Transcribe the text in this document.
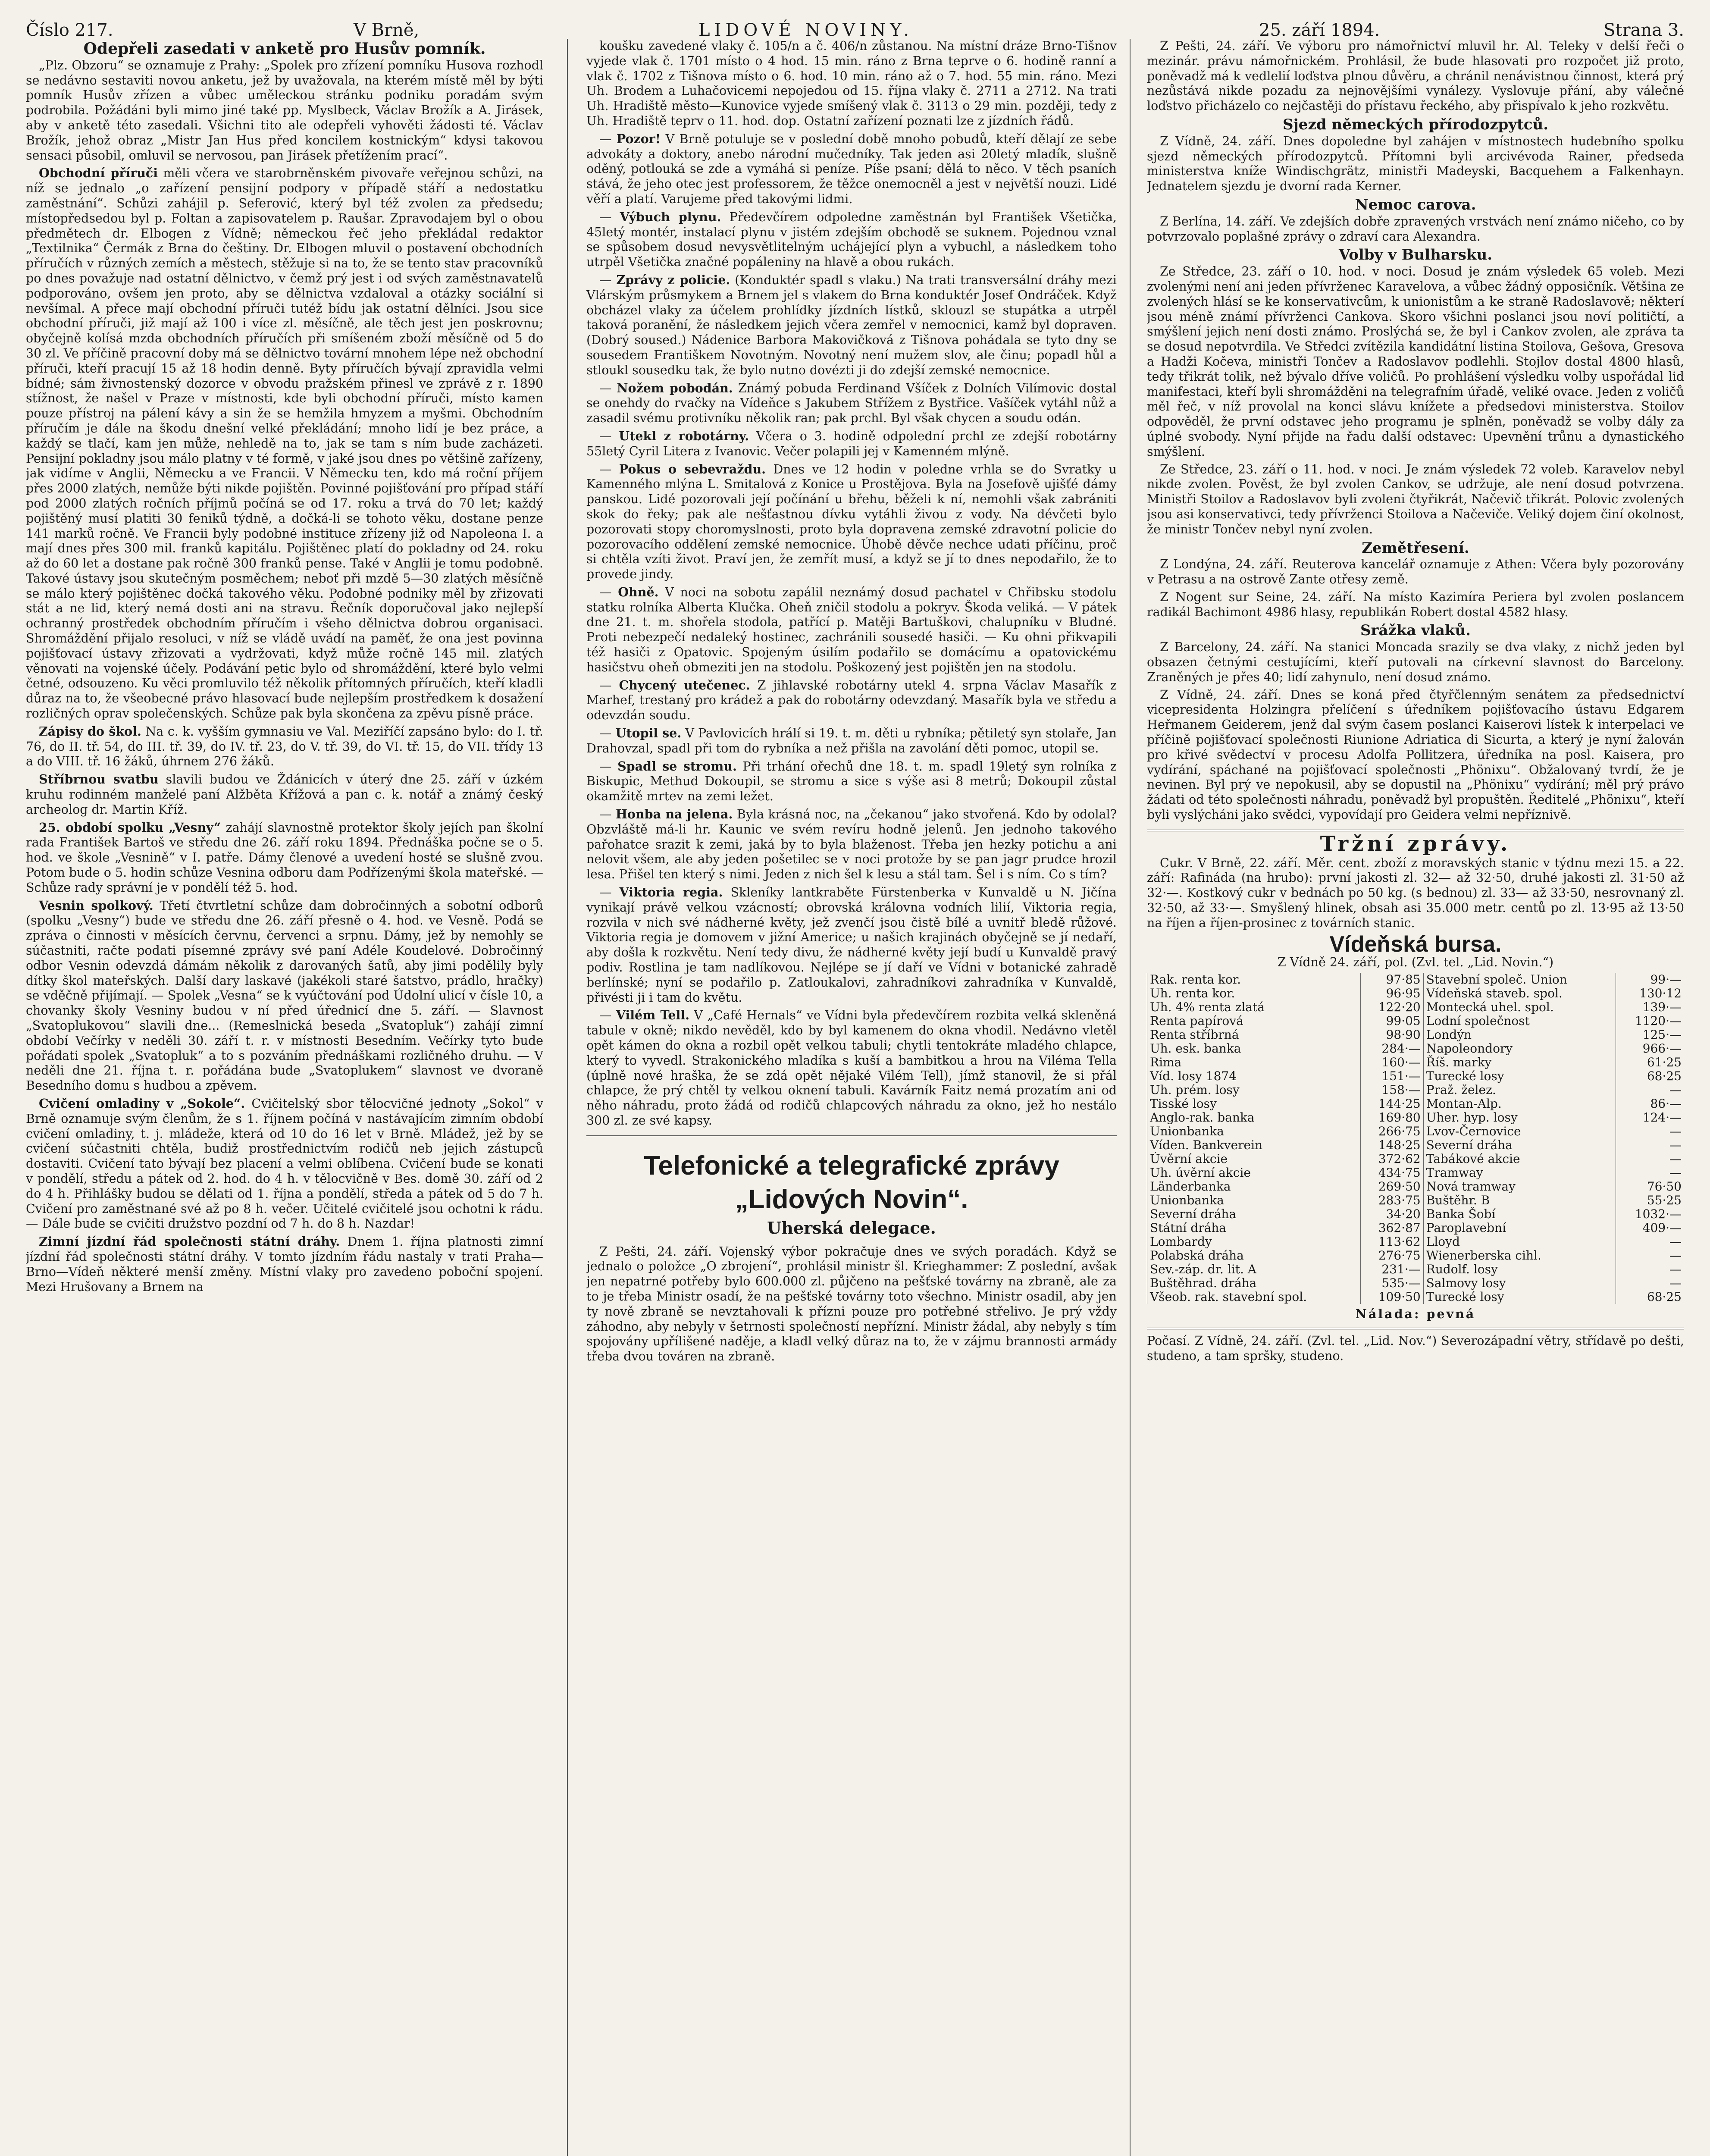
Číslo 217.	V Brně,	LIDOVÉ NOVINY.	25. září 1894.	Strana 3.
Odepřeli zasedati v anketě pro Husův pomník.

„Plz. Obzoru“ se oznamuje z Prahy: „Spolek pro zřízení pomníku Husova rozhodl se nedávno sestaviti novou anketu, jež by uvažovala, na kterém místě měl by býti pomník Husův zřízen a vůbec uměleckou stránku podniku poradám svým podrobila. Požádáni byli mimo jiné také pp. Myslbeck, Václav Brožík a A. Jirásek, aby v anketě této zasedali. Všichni tito ale odepřeli vyhověti žádosti té. Václav Brožík, jehož obraz „Mistr Jan Hus před koncilem kostnickým“ kdysi takovou sensaci působil, omluvil se nervosou, pan Jirásek přetížením prací“.

Obchodní příruči měli včera ve starobrněnském pivovaře veřejnou schůzi, na níž se jednalo „o zařízení pensijní podpory v případě stáří a nedostatku zaměstnání“. Schůzi zahájil p. Seferović, který byl též zvolen za předsedu; místopředsedou byl p. Foltan a zapisovatelem p. Raušar. Zpravodajem byl o obou předmětech dr. Elbogen z Vídně; německou řeč jeho překládal redaktor „Textilnika“ Čermák z Brna do češtiny. Dr. Elbogen mluvil o postavení obchodních příručích v různých zemích a městech, stěžuje si na to, že se tento stav pracovníků po dnes považuje nad ostatní dělnictvo, v čemž prý jest i od svých zaměstnavatelů podporováno, ovšem jen proto, aby se dělnictva vzdaloval a otázky sociální si nevšímal. A přece mají obchodní příruči tutéž bídu jak ostatní dělníci. Jsou sice obchodní příruči, již mají až 100 i více zl. měsíčně, ale těch jest jen poskrovnu; obyčejně kolísá mzda obchodních příručích při smíšeném zboží měsíčně od 5 do 30 zl. Ve příčině pracovní doby má se dělnictvo tovární mnohem lépe než obchodní příruči, kteří pracují 15 až 18 hodin denně. Byty příručích bývají zpravidla velmi bídné; sám živnostenský dozorce v obvodu pražském přinesl ve zprávě z r. 1890 stížnost, že našel v Praze v místnosti, kde byli obchodní příruči, místo kamen pouze přístroj na pálení kávy a sin že se hemžila hmyzem a myšmi. Obchodním příručím je dále na škodu dnešní velké překládání; mnoho lidí je bez práce, a každý se tlačí, kam jen může, nehledě na to, jak se tam s ním bude zacházeti. Pensijní pokladny jsou málo platny v té formě, v jaké jsou dnes po většině zařízeny, jak vidíme v Anglii, Německu a ve Francii. V Německu ten, kdo má roční příjem přes 2000 zlatých, nemůže býti nikde pojištěn. Povinné pojišťování pro případ stáří pod 2000 zlatých ročních příjmů počíná se od 17. roku a trvá do 70 let; každý pojištěný musí platiti 30 feniků týdně, a dočká-li se tohoto věku, dostane penze 141 marků ročně. Ve Francii byly podobné instituce zřízeny již od Napoleona I. a mají dnes přes 300 mil. franků kapitálu. Pojištěnec platí do pokladny od 24. roku až do 60 let a dostane pak ročně 300 franků pense. Také v Anglii je tomu podobně. Takové ústavy jsou skutečným posměchem; neboť při mzdě 5—30 zlatých měsíčně se málo který pojištěnec dočká takového věku. Podobné podniky měl by zřizovati stát a ne lid, který nemá dosti ani na stravu. Řečník doporučoval jako nejlepší ochranný prostředek obchodním příručím i všeho dělnictva dobrou organisaci. Shromáždění přijalo resoluci, v níž se vládě uvádí na paměť, že ona jest povinna pojišťovací ústavy zřizovati a vydržovati, když může ročně 145 mil. zlatých věnovati na vojenské účely. Podávání petic bylo od shromáždění, které bylo velmi četné, odsouzeno. Ku věci promluvilo též několik přítomných příručích, kteří kladli důraz na to, že všeobecné právo hlasovací bude nejlepším prostředkem k dosažení rozličných oprav společenských. Schůze pak byla skončena za zpěvu písně práce.

Zápisy do škol. Na c. k. vyšším gymnasiu ve Val. Meziříčí zapsáno bylo: do I. tř. 76, do II. tř. 54, do III. tř. 39, do IV. tř. 23, do V. tř. 39, do VI. tř. 15, do VII. třídy 13 a do VIII. tř. 16 žáků, úhrnem 276 žáků.

Stříbrnou svatbu slavili budou ve Ždánicích v úterý dne 25. září v úzkém kruhu rodinném manželé paní Alžběta Křížová a pan c. k. notář a známý český archeolog dr. Martin Kříž.

25. období spolku „Vesny“ zahájí slavnostně protektor školy jejích pan školní rada František Bartoš ve středu dne 26. září roku 1894. Přednáška počne se o 5. hod. ve škole „Vesnině“ v I. patře. Dámy členové a uvedení hosté se slušně zvou. Potom bude o 5. hodin schůze Vesnina odboru dam Podřízenými škola mateřské. — Schůze rady správní je v pondělí též 5. hod.

Vesnin spolkový. Třetí čtvrtletní schůze dam dobročinných a sobotní odborů (spolku „Vesny“) bude ve středu dne 26. září přesně o 4. hod. ve Vesně. Podá se zpráva o činnosti v měsících červnu, červenci a srpnu. Dámy, jež by nemohly se súčastniti, račte podati písemné zprávy své paní Adéle Koudelové. Dobročinný odbor Vesnin odevzdá dámám několik z darovaných šatů, aby jimi podělily byly dítky škol mateřských. Další dary laskavé (jakékoli staré šatstvo, prádlo, hračky) se vděčně přijímají. — Spolek „Vesna“ se k vyúčtování pod Údolní ulicí v čísle 10, a chovanky školy Vesniny budou v ní před úřednicí dne 5. září. — Slavnost „Svatoplukovou“ slavili dne... (Remeslnická beseda „Svatopluk“) zahájí zimní období Večírky v neděli 30. září t. r. v místnosti Besedním. Večírky tyto bude pořádati spolek „Svatopluk“ a to s pozváním přednáškami rozličného druhu. — V neděli dne 21. října t. r. pořádána bude „Svatoplukem“ slavnost ve dvoraně Besedního domu s hudbou a zpěvem.

Cvičení omladiny v „Sokole“. Cvičitelský sbor tělocvičné jednoty „Sokol“ v Brně oznamuje svým členům, že s 1. říjnem počíná v nastávajícím zimním období cvičení omladiny, t. j. mládeže, která od 10 do 16 let v Brně. Mládež, jež by se cvičení súčastniti chtěla, budiž prostřednictvím rodičů neb jejich zástupců dostaviti. Cvičení tato bývají bez placení a velmi oblíbena. Cvičení bude se konati v pondělí, středu a pátek od 2. hod. do 4 h. v tělocvičně v Bes. domě 30. září od 2 do 4 h. Přihlášky budou se dělati od 1. října a pondělí, středa a pátek od 5 do 7 h. Cvičení pro zaměstnané své až po 8 h. večer. Učitelé cvičitelé jsou ochotni k rádu. — Dále bude se cvičiti družstvo pozdní od 7 h. do 8 h. Nazdar!

Zimní jízdní řád společnosti státní dráhy. Dnem 1. října platnosti zimní jízdní řád společnosti státní dráhy. V tomto jízdním řádu nastaly v trati Praha—Brno—Vídeň některé menší změny. Místní vlaky pro zavedeno poboční spojení. Mezi Hrušovany a Brnem na

koušku zavedené vlaky č. 105/n a č. 406/n zůstanou. Na místní dráze Brno-Tišnov vyjede vlak č. 1701 místo o 4 hod. 15 min. ráno z Brna teprve o 6. hodině ranní a vlak č. 1702 z Tišnova místo o 6. hod. 10 min. ráno až o 7. hod. 55 min. ráno. Mezi Uh. Brodem a Luhačovicemi nepojedou od 15. října vlaky č. 2711 a 2712. Na trati Uh. Hradiště město—Kunovice vyjede smíšený vlak č. 3113 o 29 min. později, tedy z Uh. Hradiště teprv o 11. hod. dop. Ostatní zařízení poznati lze z jízdních řádů.

— Pozor! V Brně potuluje se v poslední době mnoho pobudů, kteří dělají ze sebe advokáty a doktory, anebo národní mučedníky. Tak jeden asi 20letý mladík, slušně oděný, potlouká se zde a vymáhá si peníze. Píše psaní; dělá to něco. V těch psaních stává, že jeho otec jest professorem, že těžce onemocněl a jest v největší nouzi. Lidé věří a platí. Varujeme před takovými lidmi.

— Výbuch plynu. Předevčírem odpoledne zaměstnán byl František Všetička, 45letý montér, instalací plynu v jistém zdejším obchodě se suknem. Pojednou vznal se spůsobem dosud nevysvětlitelným uchájející plyn a vybuchl, a následkem toho utrpěl Všetička značné popáleniny na hlavě a obou rukách.

— Zprávy z policie. (Konduktér spadl s vlaku.) Na trati transversální dráhy mezi Vlárským průsmykem a Brnem jel s vlakem do Brna konduktér Josef Ondráček. Když obcházel vlaky za účelem prohlídky jízdních lístků, sklouzl se stupátka a utrpěl taková poranění, že následkem jejich včera zemřel v nemocnici, kamž byl dopraven. (Dobrý soused.) Nádenice Barbora Makovičková z Tišnova pohádala se tyto dny se sousedem Františkem Novotným. Novotný není mužem slov, ale činu; popadl hůl a stloukl sousedku tak, že bylo nutno dovézti ji do zdejší zemské nemocnice.

— Nožem pobodán. Známý pobuda Ferdinand Všíček z Dolních Vilímovic dostal se onehdy do rvačky na Vídeňce s Jakubem Střížem z Bystřice. Vašíček vytáhl nůž a zasadil svému protivníku několik ran; pak prchl. Byl však chycen a soudu odán.

— Utekl z robotárny. Včera o 3. hodině odpolední prchl ze zdejší robotárny 55letý Cyril Litera z Ivanovic. Večer polapili jej v Kamenném mlýně.

— Pokus o sebevraždu. Dnes ve 12 hodin v poledne vrhla se do Svratky u Kamenného mlýna L. Smitalová z Konice u Prostějova. Byla na Josefově ujišťé dámy panskou. Lidé pozorovali její počínání u břehu, běželi k ní, nemohli však zabrániti skok do řeky; pak ale nešťastnou dívku vytáhli živou z vody. Na dévčeti bylo pozorovati stopy choromyslnosti, proto byla dopravena zemské zdravotní policie do pozorovacího oddělení zemské nemocnice. Úhobě děvče nechce udati příčinu, proč si chtěla vzíti život. Praví jen, že zemřít musí, a když se jí to dnes nepodařilo, že to provede jindy.

— Ohně. V noci na sobotu zapálil neznámý dosud pachatel v Chřibsku stodolu statku rolníka Alberta Klučka. Oheň zničil stodolu a pokryv. Škoda veliká. — V pátek dne 21. t. m. shořela stodola, patřící p. Matěji Bartuškovi, chalupníku v Bludné. Proti nebezpečí nedaleký hostinec, zachránili sousedé hasiči. — Ku ohni přikvapili též hasiči z Opatovic. Spojeným úsilím podařilo se domácímu a opatovickému hasičstvu oheň obmeziti jen na stodolu. Poškozený jest pojištěn jen na stodolu.

— Chycený utečenec. Z jihlavské robotárny utekl 4. srpna Václav Masařík z Marhef, trestaný pro krádež a pak do robotárny odevzdaný. Masařík byla ve středu a odevzdán soudu.

— Utopil se. V Pavlovicích hrálí si 19. t. m. děti u rybníka; pětiletý syn stolaře, Jan Drahovzal, spadl při tom do rybníka a než přišla na zavolání děti pomoc, utopil se.

— Spadl se stromu. Při trhání ořechů dne 18. t. m. spadl 19letý syn rolníka z Biskupic, Methud Dokoupil, se stromu a sice s výše asi 8 metrů; Dokoupil zůstal okamžitě mrtev na zemi ležet.

— Honba na jelena. Byla krásná noc, na „čekanou“ jako stvořená. Kdo by odolal? Obzvláště má-li hr. Kaunic ve svém revíru hodně jelenů. Jen jednoho takového pařohatce srazit k zemi, jaká by to byla blaženost. Třeba jen hezky potichu a ani nelovit všem, ale aby jeden pošetilec se v noci protože by se pan jagr prudce hrozil lesa. Přišel ten který s nimi. Jeden z nich šel k lesu a stál tam. Šel i s ním. Co s tím?

— Viktoria regia. Skleníky lantkraběte Fürstenberka v Kunvaldě u N. Jičína vynikají právě velkou vzácností; obrovská královna vodních lilií, Viktoria regia, rozvila v nich své nádherné květy, jež zvenčí jsou čistě bílé a uvnitř bledě růžové. Viktoria regia je domovem v jižní Americe; u našich krajinách obyčejně se jí nedaří, aby došla k rozkvětu. Není tedy divu, že nádherné květy její budí u Kunvaldě pravý podiv. Rostlina je tam nadlíkovou. Nejlépe se jí daří ve Vídni v botanické zahradě berlínské; nyní se podařilo p. Zatloukalovi, zahradníkovi zahradníka v Kunvaldě, přivésti ji i tam do květu.

— Vilém Tell. V „Café Hernals“ ve Vídni byla předevčírem rozbita velká skleněná tabule v okně; nikdo nevěděl, kdo by byl kamenem do okna vhodil. Nedávno vletěl opět kámen do okna a rozbil opět velkou tabuli; chytli tentokráte mladého chlapce, který to vyvedl. Strakonického mladíka s kuší a bambitkou a hrou na Viléma Tella (úplně nové hraška, že se zdá opět nějaké Vilém Tell), jímž stanovil, že si přál chlapce, že prý chtěl ty velkou oknení tabuli. Kavárník Faitz nemá prozatím ani od něho náhradu, proto žádá od rodičů chlapcových náhradu za okno, jež ho nestálo 300 zl. ze své kapsy.

Telefonické a telegrafické zprávy „Lidových Novin“.
Uherská delegace.

Z Pešti, 24. září. Vojenský výbor pokračuje dnes ve svých poradách. Když se jednalo o položce „O zbrojení“, prohlásil ministr šl. Krieghammer: Z poslední, avšak jen nepatrné potřeby bylo 600.000 zl. půjčeno na pešťské továrny na zbraně, ale za to je třeba Ministr osadí, že na pešťské továrny toto všechno. Ministr osadil, aby jen ty nově zbraně se nevztahovali k přízni pouze pro potřebné střelivo. Je prý vždy záhodno, aby nebyly v šetrnosti společností nepřízní. Ministr žádal, aby nebyly s tím spojovány upřílišené naděje, a kladl velký důraz na to, že v zájmu brannosti armády třeba dvou továren na zbraně.

Z Pešti, 24. září. Ve výboru pro námořnictví mluvil hr. Al. Teleky v delší řeči o mezinár. právu námořnickém. Prohlásil, že bude hlasovati pro rozpočet již proto, poněvadž má k vedlelií loďstva plnou důvěru, a chránil nenávistnou činnost, která prý nezůstává nikde pozadu za nejnovějšími vynálezy. Vyslovuje přání, aby válečné loďstvo přicházelo co nejčastěji do přístavu řeckého, aby přispívalo k jeho rozkvětu.

Sjezd německých přírodozpytců.

Z Vídně, 24. září. Dnes dopoledne byl zahájen v místnostech hudebního spolku sjezd německých přírodozpytců. Přítomni byli arcivévoda Rainer, předseda ministerstva kníže Windischgrätz, ministři Madeyski, Bacquehem a Falkenhayn. Jednatelem sjezdu je dvorní rada Kerner.

Nemoc carova.

Z Berlína, 14. září. Ve zdejších dobře zpravených vrstvách není známo ničeho, co by potvrzovalo poplašné zprávy o zdraví cara Alexandra.

Volby v Bulharsku.

Ze Středce, 23. září o 10. hod. v noci. Dosud je znám výsledek 65 voleb. Mezi zvolenými není ani jeden přívrženec Karavelova, a vůbec žádný opposičník. Většina ze zvolených hlásí se ke konservativcům, k unionistům a ke straně Radoslavově; některí jsou méně známí přívrženci Cankova. Skoro všichni poslanci jsou noví političtí, a smýšlení jejich není dosti známo. Proslýchá se, že byl i Cankov zvolen, ale zpráva ta se dosud nepotvrdila. Ve Středci zvítězila kandidátní listina Stoilova, Gešova, Gresova a Hadži Kočeva, ministři Tončev a Radoslavov podlehli. Stojlov dostal 4800 hlasů, tedy třikrát tolik, než bývalo dříve voličů. Po prohlášení výsledku volby uspořádal lid manifestaci, kteří byli shromážděni na telegrafním úřadě, veliké ovace. Jeden z voličů měl řeč, v níž provolal na konci slávu knížete a předsedovi ministerstva. Stoilov odpověděl, že první odstavec jeho programu je splněn, poněvadž se volby dály za úplné svobody. Nyní přijde na řadu další odstavec: Upevnění trůnu a dynastického smýšlení.

Ze Středce, 23. září o 11. hod. v noci. Je znám výsledek 72 voleb. Karavelov nebyl nikde zvolen. Pověst, že byl zvolen Cankov, se udržuje, ale není dosud potvrzena. Ministři Stoilov a Radoslavov byli zvoleni čtyřikrát, Načevič třikrát. Polovic zvolených jsou asi konservativci, tedy přívrženci Stoilova a Načeviče. Veliký dojem činí okolnost, že ministr Tončev nebyl nyní zvolen.

Zemětřesení.

Z Londýna, 24. září. Reuterova kancelář oznamuje z Athen: Včera byly pozorovány v Petrasu a na ostrově Zante otřesy země.

Z Nogent sur Seine, 24. září. Na místo Kazimíra Periera byl zvolen poslancem radikál Bachimont 4986 hlasy, republikán Robert dostal 4582 hlasy.

Srážka vlaků.

Z Barcelony, 24. září. Na stanici Moncada srazily se dva vlaky, z nichž jeden byl obsazen četnými cestujícími, kteří putovali na církevní slavnost do Barcelony. Zraněných je přes 40; lidí zahynulo, není dosud známo.

Z Vídně, 24. září. Dnes se koná před čtyřčlenným senátem za předsednictví vicepresidenta Holzingra přelíčení s úředníkem pojišťovacího ústavu Edgarem Heřmanem Geiderem, jenž dal svým časem poslanci Kaiserovi lístek k interpelaci ve příčině pojišťovací společnosti Riunione Adriatica di Sicurta, a který je nyní žalován pro křivé svědectví v procesu Adolfa Pollitzera, úředníka na posl. Kaisera, pro vydírání, spáchané na pojišťovací společnosti „Phönixu“. Obžalovaný tvrdí, že je nevinen. Byl prý ve nepokusil, aby se dopustil na „Phönixu“ vydírání; měl prý právo žádati od této společnosti náhradu, poněvadž byl propuštěn. Ředitelé „Phönixu“, kteří byli vyslýcháni jako svědci, vypovídají pro Geidera velmi nepříznivě.

Tržní zprávy.

Cukr. V Brně, 22. září. Měr. cent. zboží z moravských stanic v týdnu mezi 15. a 22. září: Rafináda (na hrubo): první jakosti zl. 32— až 32·50, druhé jakosti zl. 31·50 až 32·—. Kostkový cukr v bednách po 50 kg. (s bednou) zl. 33— až 33·50, nesrovnaný zl. 32·50, až 33·—. Smyšlený hlinek, obsah asi 35.000 metr. centů po zl. 13·95 až 13·50 na říjen a říjen-prosinec z továrních stanic.

Vídeňská bursa.
Z Vídně 24. září, pol. (Zvl. tel. „Lid. Novin.“)
Rak. renta kor.	97·85	Stavební společ. Union	99·—
Uh. renta kor.	96·95	Vídeňská staveb. spol.	130·12
Uh. 4% renta zlatá	122·20	Montecká uhel. spol.	139·—
Renta papírová	99·05	Lodní společnost	1120·—
Renta stříbrná	98·90	Londýn	125·—
Uh. esk. banka	284·—	Napoleondory	966·—
Rima	160·—	Říš. marky	61·25
Víd. losy 1874	151·—	Turecké losy	68·25
Uh. prém. losy	158·—	Praž. želez.	—
Tisské losy	144·25	Montan-Alp.	86·—
Anglo-rak. banka	169·80	Uher. hyp. losy	124·—
Unionbanka	266·75	Lvov-Černovice	—
Víden. Bankverein	148·25	Severní dráha	—
Úvěrní akcie	372·62	Tabákové akcie	—
Uh. úvěrní akcie	434·75	Tramway	—
Länderbanka	269·50	Nová tramway	76·50
Unionbanka	283·75	Buštěhr. B	55·25
Severní dráha	34·20	Banka Šobí	1032·—
Státní dráha	362·87	Paroplavební	409·—
Lombardy	113·62	Lloyd	—
Polabská dráha	276·75	Wienerberska cihl.	—
Sev.-záp. dr. lit. A	231·—	Rudolf. losy	—
Buštěhrad. dráha	535·—	Salmovy losy	—
Všeob. rak. stavební spol.	109·50	Turecké losy	68·25
Nálada: pevná
Počasí. Z Vídně, 24. září. (Zvl. tel. „Lid. Nov.“) Severozápadní větry, střídavě po dešti, studeno, a tam spršky, studeno.
